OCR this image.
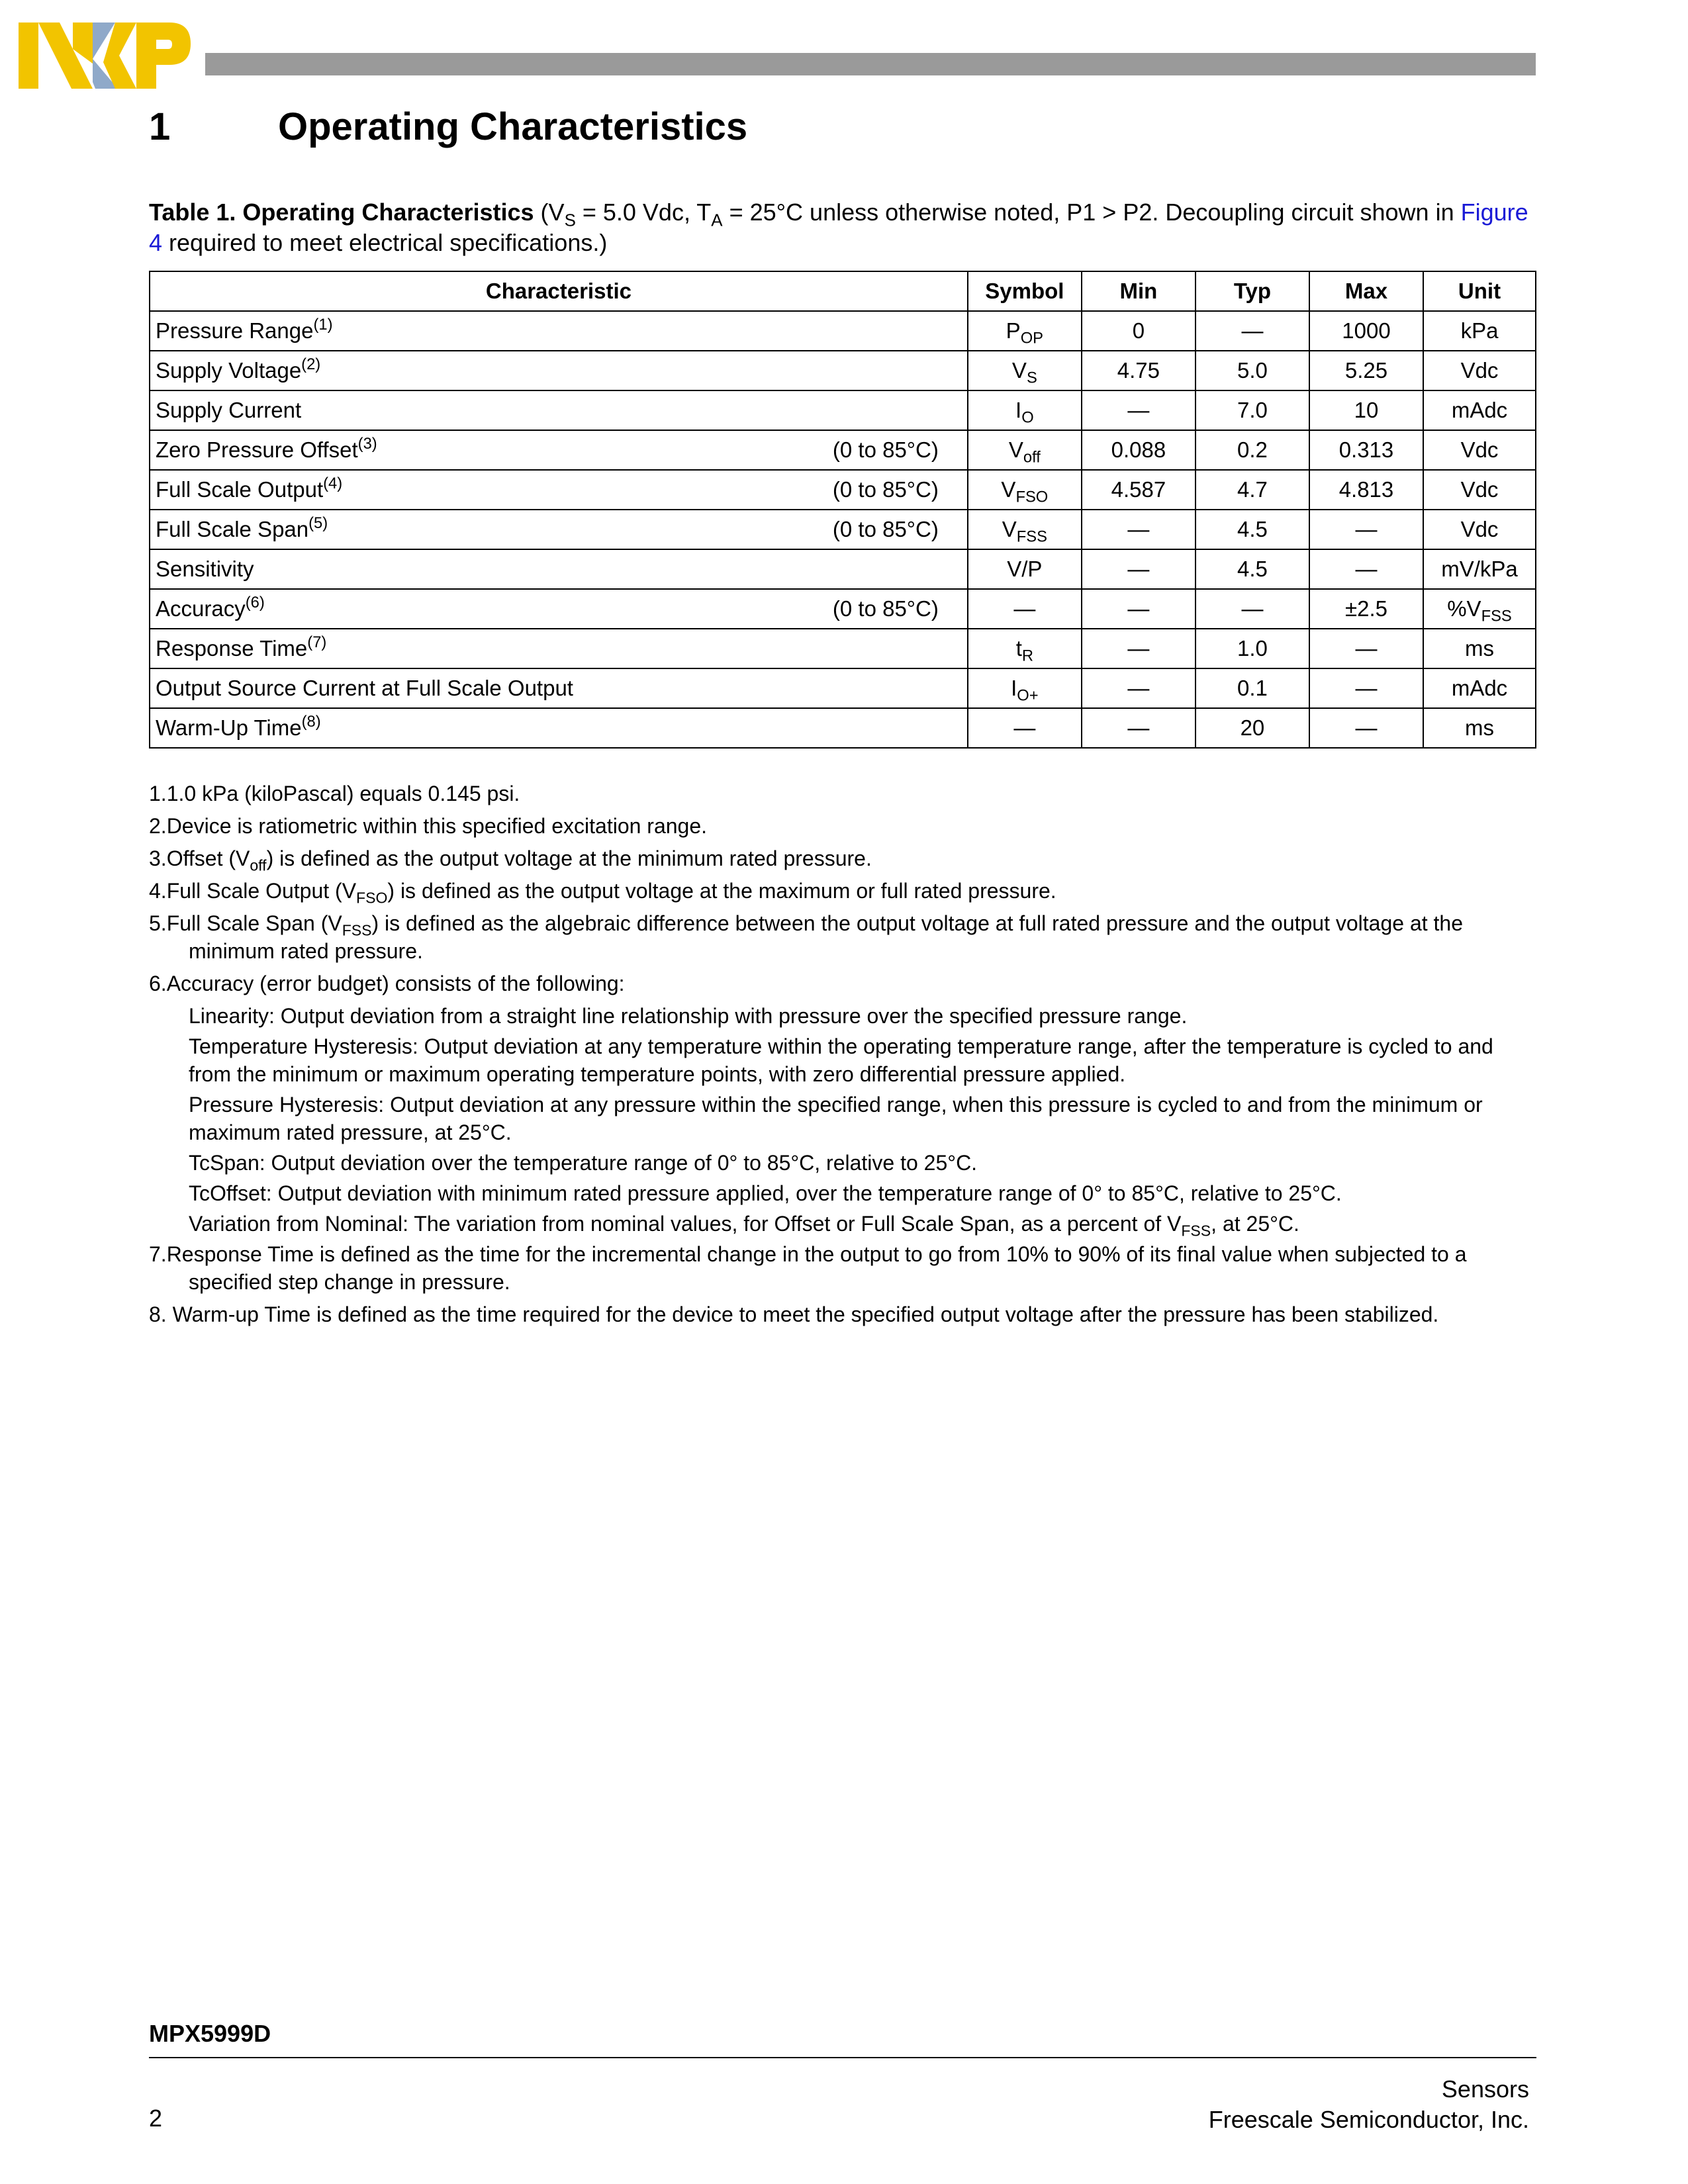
1	Operating Characteristics
Table 1. Operating Characteristics ($V_S = 5.0$ Vdc, $T_A = 25^\circ C$ unless otherwise noted, P1 > P2. Decoupling circuit shown in Figure 4 required to meet electrical specifications.)
Characteristic	Symbol	Min	Typ	Max	Unit
Pressure Range$^{(1)}$	$P_{OP}$	0	—	1000	kPa
Supply Voltage$^{(2)}$	$V_S$	4.75	5.0	5.25	Vdc
Supply Current	$I_O$	—	7.0	10	mAdc
Zero Pressure Offset$^{(3)}$ (0 to 85°C)	$V_{off}$	0.088	0.2	0.313	Vdc
Full Scale Output$^{(4)}$ (0 to 85°C)	$V_{FSO}$	4.587	4.7	4.813	Vdc
Full Scale Span$^{(5)}$ (0 to 85°C)	$V_{FSS}$	—	4.5	—	Vdc
Sensitivity	V/P	—	4.5	—	mV/kPa
Accuracy$^{(6)}$ (0 to 85°C)	—	—	—	±2.5	$\%V_{FSS}$
Response Time$^{(7)}$	$t_R$	—	1.0	—	ms
Output Source Current at Full Scale Output	$I_{O+}$	—	0.1	—	mAdc
Warm-Up Time$^{(8)}$	—	—	20	—	ms
1.1.0 kPa (kiloPascal) equals 0.145 psi.
2.Device is ratiometric within this specified excitation range.
3.Offset $(V_{off})$ is defined as the output voltage at the minimum rated pressure.
4.Full Scale Output $(V_{FSO})$ is defined as the output voltage at the maximum or full rated pressure.
5.Full Scale Span $(V_{FSS})$ is defined as the algebraic difference between the output voltage at full rated pressure and the output voltage at the
minimum rated pressure.
6.Accuracy (error budget) consists of the following:
Linearity: Output deviation from a straight line relationship with pressure over the specified pressure range.
Temperature Hysteresis: Output deviation at any temperature within the operating temperature range, after the temperature is cycled to and from the minimum or maximum operating temperature points, with zero differential pressure applied.
Pressure Hysteresis: Output deviation at any pressure within the specified range, when this pressure is cycled to and from the minimum or maximum rated pressure, at 25°C.
TcSpan: Output deviation over the temperature range of 0° to 85°C, relative to 25°C.
TcOffset: Output deviation with minimum rated pressure applied, over the temperature range of 0° to 85°C, relative to 25°C.
Variation from Nominal: The variation from nominal values, for Offset or Full Scale Span, as a percent of $V_{FSS}$, at 25°C.
7.Response Time is defined as the time for the incremental change in the output to go from 10% to 90% of its final value when subjected to a
specified step change in pressure.
8. Warm-up Time is defined as the time required for the device to meet the specified output voltage after the pressure has been stabilized.
MPX5999D
2
Sensors
Freescale Semiconductor, Inc.
